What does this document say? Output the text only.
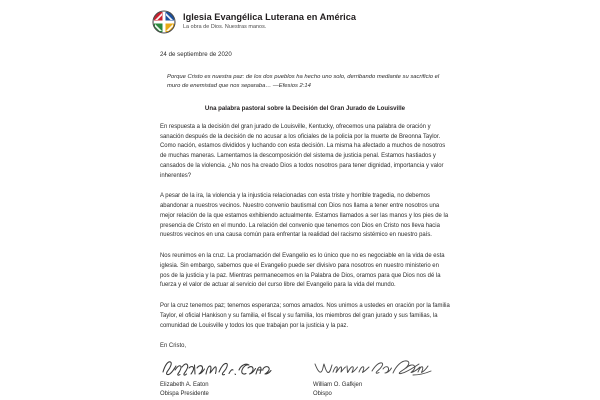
Iglesia Evangélica Luterana en América
La obra de Dios. Nuestras manos.
24 de septiembre de 2020
Porque Cristo es nuestra paz: de los dos pueblos ha hecho uno solo, derribando mediante su sacrificio el muro de enemistad que nos separaba… —Efesios 2:14
Una palabra pastoral sobre la Decisión del Gran Jurado de Louisville
En respuesta a la decisión del gran jurado de Louisville, Kentucky, ofrecemos una palabra de oración y sanación después de la decisión de no acusar a los oficiales de la policía por la muerte de Breonna Taylor. Como nación, estamos divididos y luchando con esta decisión. La misma ha afectado a muchos de nosotros de muchas maneras. Lamentamos la descomposición del sistema de justicia penal. Estamos hastiados y cansados de la violencia. ¿No nos ha creado Dios a todos nosotros para tener dignidad, importancia y valor inherentes?
A pesar de la ira, la violencia y la injusticia relacionadas con esta triste y horrible tragedia, no debemos abandonar a nuestros vecinos. Nuestro convenio bautismal con Dios nos llama a tener entre nosotros una mejor relación de la que estamos exhibiendo actualmente. Estamos llamados a ser las manos y los pies de la presencia de Cristo en el mundo. La relación del convenio que tenemos con Dios en Cristo nos lleva hacia nuestros vecinos en una causa común para enfrentar la realidad del racismo sistémico en nuestro país.
Nos reunimos en la cruz. La proclamación del Evangelio es lo único que no es negociable en la vida de esta iglesia. Sin embargo, sabemos que el Evangelio puede ser divisivo para nosotros en nuestro ministerio en pos de la justicia y la paz. Mientras permanecemos en la Palabra de Dios, oramos para que Dios nos dé la fuerza y el valor de actuar al servicio del curso libre del Evangelio para la vida del mundo.
Por la cruz tenemos paz; tenemos esperanza; somos amados. Nos unimos a ustedes en oración por la familia Taylor, el oficial Hankison y su familia, el fiscal y su familia, los miembros del gran jurado y sus familias, la comunidad de Louisville y todos los que trabajan por la justicia y la paz.
En Cristo,
Elizabeth A. Eaton
Obispa Presidente
William O. Gafkjen
Obispo
